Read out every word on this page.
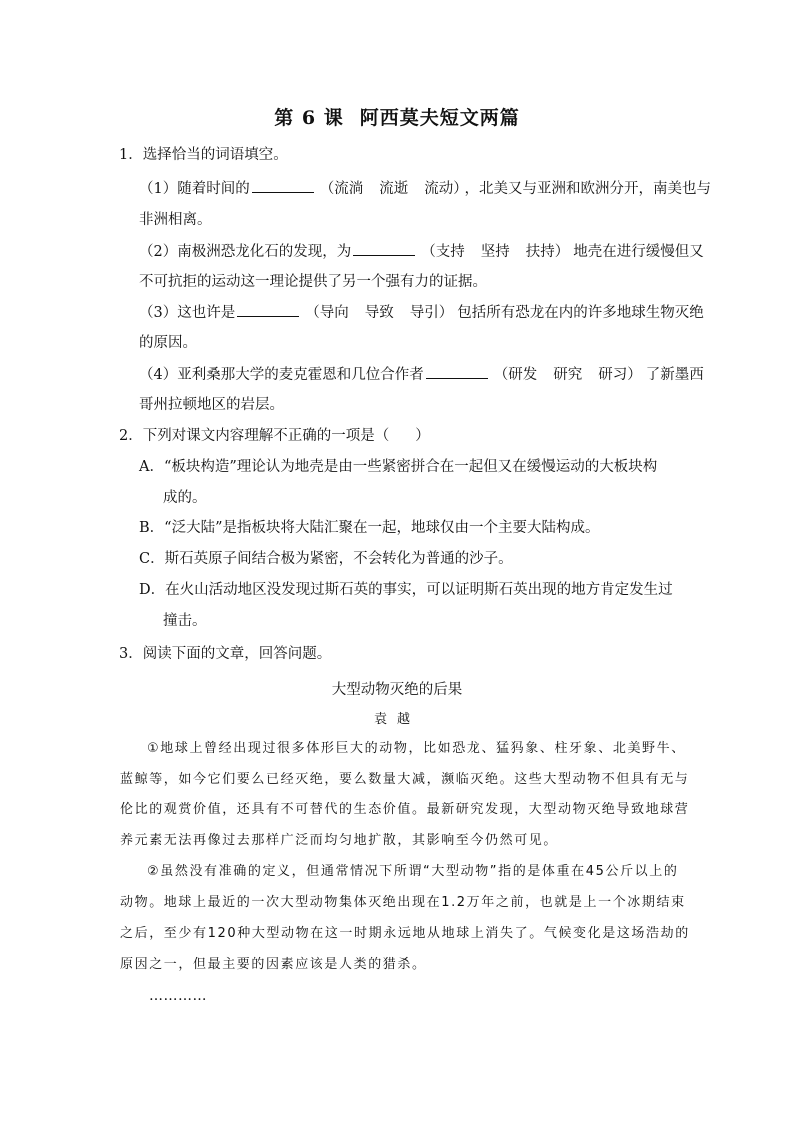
第 6 课 阿西莫夫短文两篇
1．选择恰当的词语填空。
（1）随着时间的	（流淌 流逝 流动） ，北美又与亚洲和欧洲分开，南美也与
非洲相离。
（2）南极洲恐龙化石的发现，为	（支持 坚持 扶持） 地壳在进行缓慢但又
不可抗拒的运动这一理论提供了另一个强有力的证据。
（3）这也许是	（导向 导致 导引） 包括所有恐龙在内的许多地球生物灭绝
的原因。
（4）亚利桑那大学的麦克霍恩和几位合作者	（研发 研究 研习） 了新墨西
哥州拉顿地区的岩层。
2．下列对课文内容理解不正确的一项是（ ）
A．“板块构造”理论认为地壳是由一些紧密拼合在一起但又在缓慢运动的大板块构
成的。
B．“泛大陆”是指板块将大陆汇聚在一起，地球仅由一个主要大陆构成。
C．斯石英原子间结合极为紧密，不会转化为普通的沙子。
D．在火山活动地区没发现过斯石英的事实，可以证明斯石英出现的地方肯定发生过
撞击。
3．阅读下面的文章，回答问题。
大型动物灭绝的后果
袁越
①地球上曾经出现过很多体形巨大的动物，比如恐龙、猛犸象、柱牙象、北美野牛、
蓝鲸等，如今它们要么已经灭绝，要么数量大减，濒临灭绝。这些大型动物不但具有无与
伦比的观赏价值，还具有不可替代的生态价值。最新研究发现，大型动物灭绝导致地球营
养元素无法再像过去那样广泛而均匀地扩散，其影响至今仍然可见。
②虽然没有准确的定义，但通常情况下所谓“大型动物”指的是体重在45公斤以上的
动物。地球上最近的一次大型动物集体灭绝出现在1.2万年之前，也就是上一个冰期结束
之后，至少有120种大型动物在这一时期永远地从地球上消失了。气候变化是这场浩劫的
原因之一，但最主要的因素应该是人类的猎杀。
…………
